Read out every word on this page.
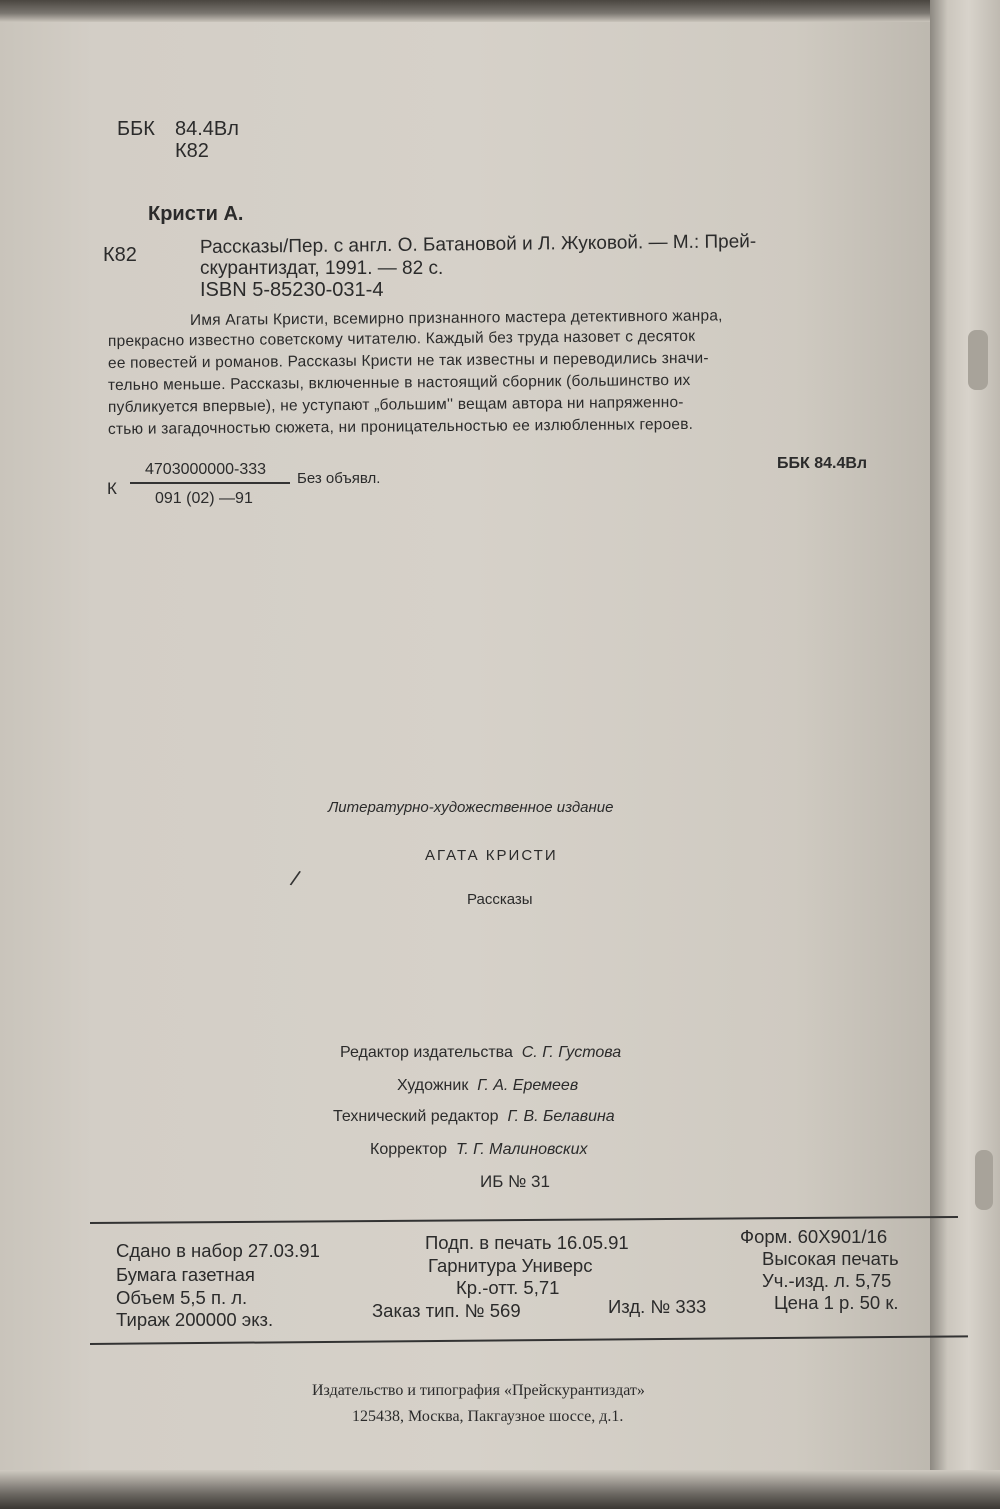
ББК 84.4Вл
К82
Кристи А.
К82	Рассказы/Пер. с англ. О. Батановой и Л. Жуковой. — М.: Прей-
скурантиздат, 1991. — 82 с.
ISBN 5-85230-031-4
Имя Агаты Кристи, всемирно признанного мастера детективного жанра,
прекрасно известно советскому читателю. Каждый без труда назовет с десяток
ее повестей и романов. Рассказы Кристи не так известны и переводились значи-
тельно меньше. Рассказы, включенные в настоящий сборник (большинство их
публикуется впервые), не уступают „большим'' вещам автора ни напряженно-
стью и загадочностью сюжета, ни проницательностью ее излюбленных героев.
К
4703000000-333
091 (02) —91
Без объявл.
ББК 84.4Вл
/
Литературно-художественное издание
АГАТА КРИСТИ
Рассказы
Редактор издательства С. Г. Густова
Художник Г. А. Еремеев
Технический редактор Г. В. Белавина
Корректор Т. Г. Малиновских
ИБ № 31
Сдано в набор 27.03.91	Подп. в печать 16.05.91	Форм. 60Х901/16
Бумага газетная	Гарнитура Универс	Высокая печать
Объем 5,5 п. л.	Кр.-отт. 5,71	Уч.-изд. л. 5,75
Тираж 200000 экз.	Заказ тип. № 569	Изд. № 333	Цена 1 р. 50 к.
Издательство и типография «Прейскурантиздат»
125438, Москва, Пакгаузное шоссе, д.1.
